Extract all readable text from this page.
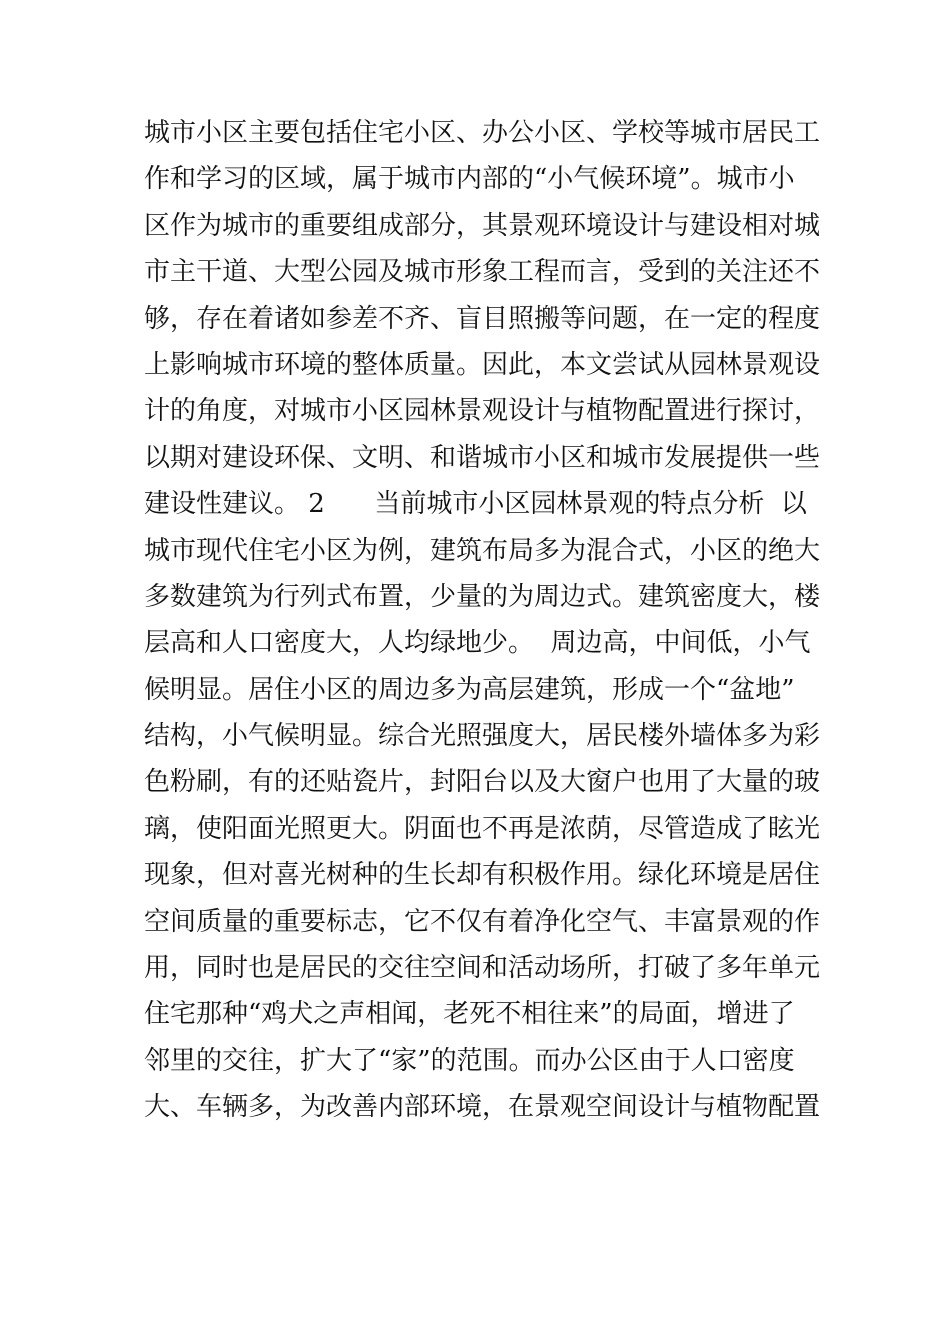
城市小区主要包括住宅小区、办公小区、学校等城市居民工
作和学习的区域，属于城市内部的“小气候环境”。城市小
区作为城市的重要组成部分，其景观环境设计与建设相对城
市主干道、大型公园及城市形象工程而言，受到的关注还不
够，存在着诸如参差不齐、盲目照搬等问题，在一定的程度
上影响城市环境的整体质量。因此，本文尝试从园林景观设
计的角度，对城市小区园林景观设计与植物配置进行探讨，
以期对建设环保、文明、和谐城市小区和城市发展提供一些
建设性建议。 2      当前城市小区园林景观的特点分析  以
城市现代住宅小区为例，建筑布局多为混合式，小区的绝大
多数建筑为行列式布置，少量的为周边式。建筑密度大，楼
层高和人口密度大，人均绿地少。  周边高，中间低，小气
候明显。居住小区的周边多为高层建筑，形成一个“盆地”
结构，小气候明显。综合光照强度大，居民楼外墙体多为彩
色粉刷，有的还贴瓷片，封阳台以及大窗户也用了大量的玻
璃，使阳面光照更大。阴面也不再是浓荫，尽管造成了眩光
现象，但对喜光树种的生长却有积极作用。绿化环境是居住
空间质量的重要标志，它不仅有着净化空气、丰富景观的作
用，同时也是居民的交往空间和活动场所，打破了多年单元
住宅那种“鸡犬之声相闻，老死不相往来”的局面，增进了
邻里的交往，扩大了“家”的范围。而办公区由于人口密度
大、车辆多，为改善内部环境，在景观空间设计与植物配置
